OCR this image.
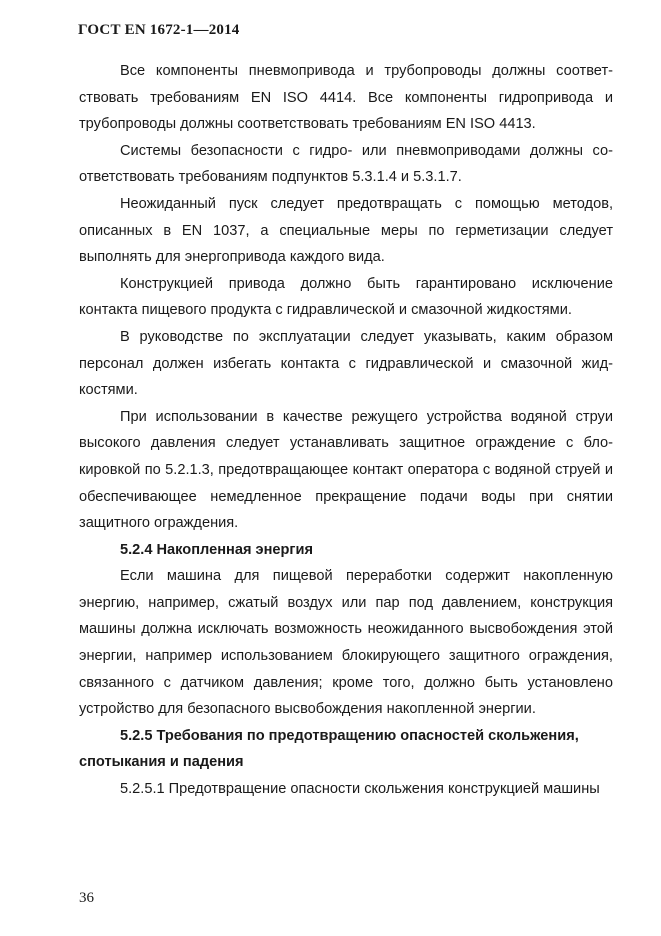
ГОСТ EN 1672-1—2014

Все компоненты пневмопривода и трубопроводы должны соответствовать требованиям EN ISO 4414. Все компоненты гидропривода и трубопроводы должны соответствовать требованиям EN ISO 4413.

Системы безопасности с гидро- или пневмоприводами должны соответствовать требованиям подпунктов 5.3.1.4 и 5.3.1.7.

Неожиданный пуск следует предотвращать с помощью методов, описанных в EN 1037, а специальные меры по герметизации следует выполнять для энергопривода каждого вида.

Конструкцией привода должно быть гарантировано исключение контакта пищевого продукта с гидравлической и смазочной жидкостями.

В руководстве по эксплуатации следует указывать, каким образом персонал должен избегать контакта с гидравлической и смазочной жидкостями.

При использовании в качестве режущего устройства водяной струи высокого давления следует устанавливать защитное ограждение с блокировкой по 5.2.1.3, предотвращающее контакт оператора с водяной струей и обеспечивающее немедленное прекращение подачи воды при снятии защитного ограждения.

5.2.4 Накопленная энергия

Если машина для пищевой переработки содержит накопленную энергию, например, сжатый воздух или пар под давлением, конструкция машины должна исключать возможность неожиданного высвобождения этой энергии, например использованием блокирующего защитного ограждения, связанного с датчиком давления; кроме того, должно быть установлено устройство для безопасного высвобождения накопленной энергии.

5.2.5 Требования по предотвращению опасностей скольжения, спотыкания и падения

5.2.5.1 Предотвращение опасности скольжения конструкцией машины

36
